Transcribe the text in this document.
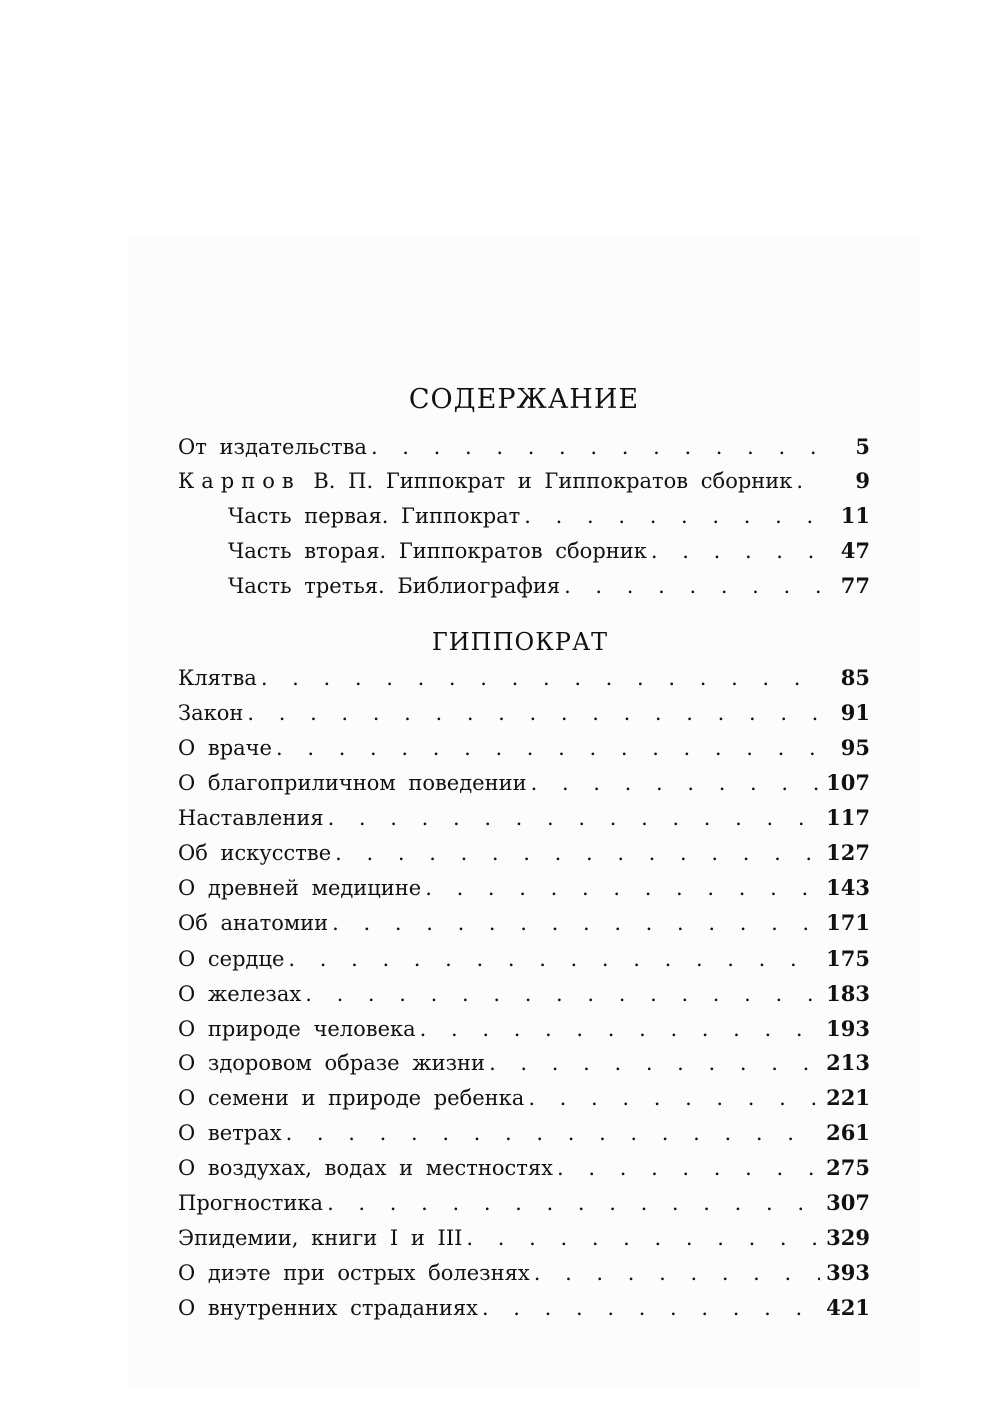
СОДЕРЖАНИЕ
От издательства . . .	5
Карпов В. П. Гиппократ и Гиппократов сборник . . .	9
Часть первая. Гиппократ . . .	11
Часть вторая. Гиппократов сборник . . .	47
Часть третья. Библиография . . .	77
ГИППОКРАТ
Клятва . . .	85
Закон . . .	91
О враче . . .	95
О благоприличном поведении . . .	107
Наставления . . .	117
Об искусстве . . .	127
О древней медицине . . .	143
Об анатомии . . .	171
О сердце . . .	175
О железах . . .	183
О природе человека . . .	193
О здоровом образе жизни . . .	213
О семени и природе ребенка . . .	221
О ветрах . . .	261
О воздухах, водах и местностях . . .	275
Прогностика . . .	307
Эпидемии, книги I и III . . .	329
О диэте при острых болезнях . . .	393
О внутренних страданиях . . .	421
